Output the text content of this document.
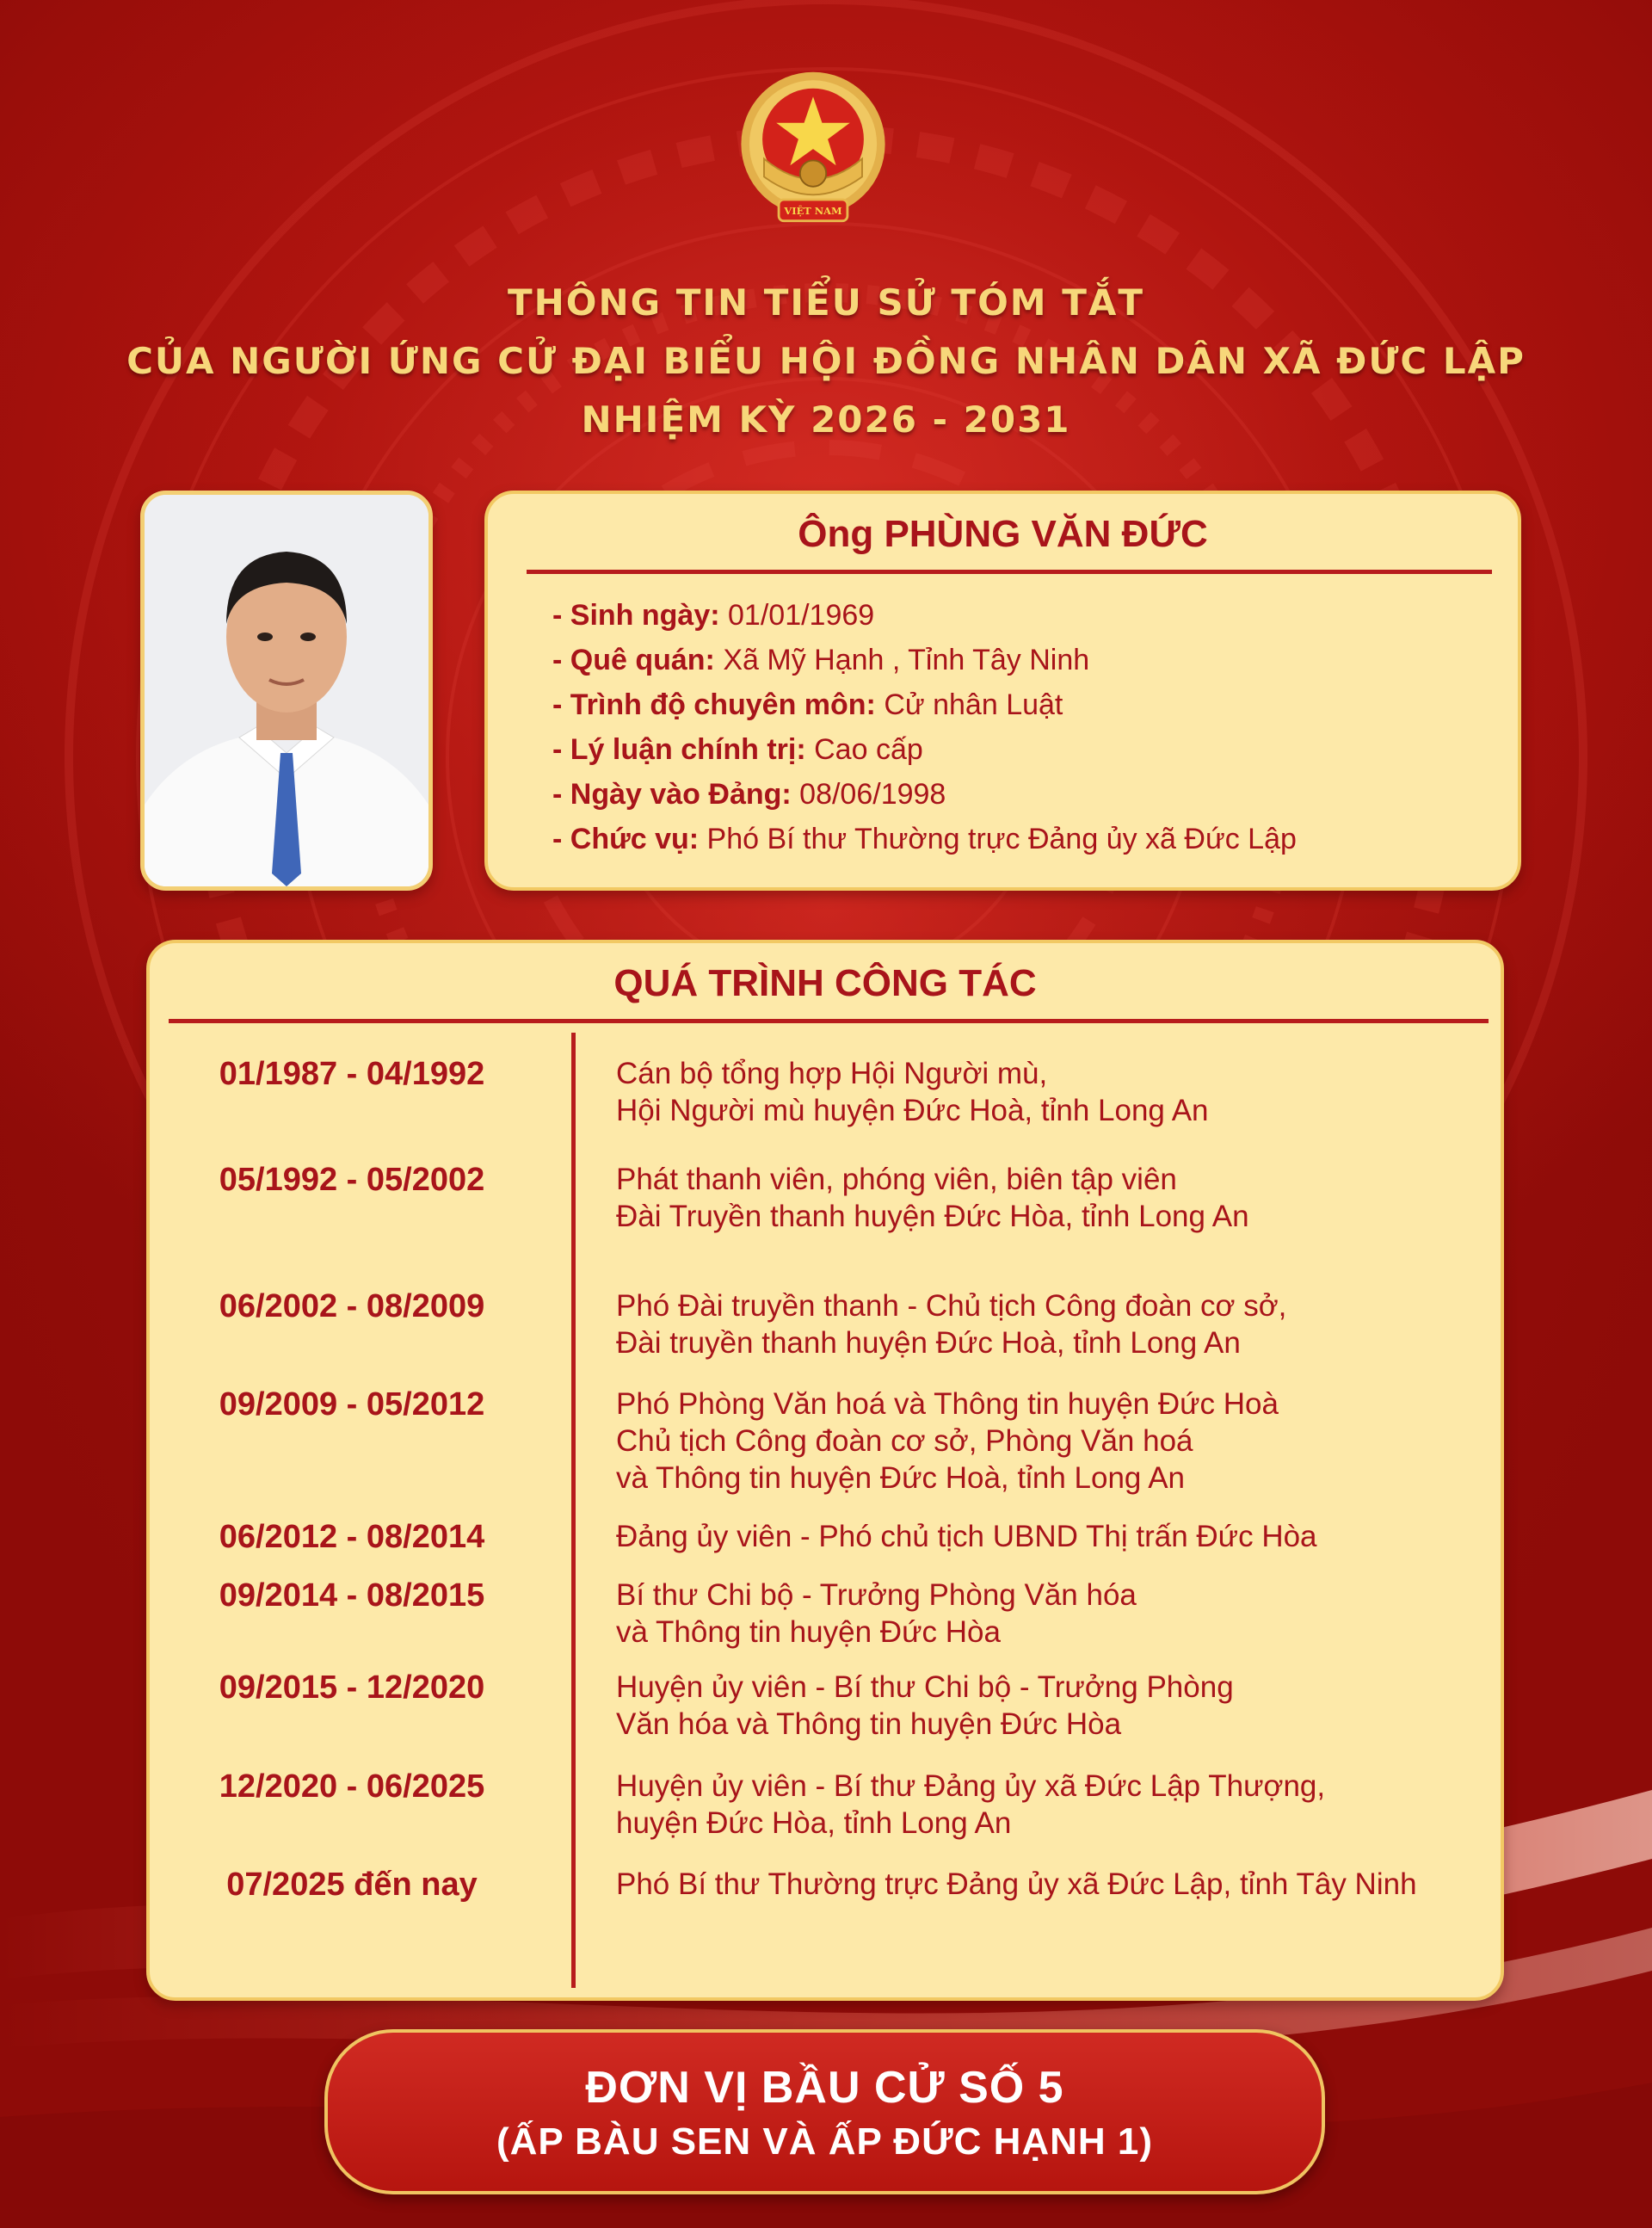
VIỆT NAM
THÔNG TIN TIỂU SỬ TÓM TẮT
CỦA NGƯỜI ỨNG CỬ ĐẠI BIỂU HỘI ĐỒNG NHÂN DÂN XÃ ĐỨC LẬP
NHIỆM KỲ 2026 - 2031
Ông PHÙNG VĂN ĐỨC
- Sinh ngày: 01/01/1969
- Quê quán: Xã Mỹ Hạnh , Tỉnh Tây Ninh
- Trình độ chuyên môn: Cử nhân Luật
- Lý luận chính trị: Cao cấp
- Ngày vào Đảng: 08/06/1998
- Chức vụ: Phó Bí thư Thường trực Đảng ủy xã Đức Lập
QUÁ TRÌNH CÔNG TÁC
01/1987 - 04/1992	Cán bộ tổng hợp Hội Người mù,
Hội Người mù huyện Đức Hoà, tỉnh Long An
05/1992 - 05/2002	Phát thanh viên, phóng viên, biên tập viên
Đài Truyền thanh huyện Đức Hòa, tỉnh Long An
06/2002 - 08/2009	Phó Đài truyền thanh - Chủ tịch Công đoàn cơ sở,
Đài truyền thanh huyện Đức Hoà, tỉnh Long An
09/2009 - 05/2012	Phó Phòng Văn hoá và Thông tin huyện Đức Hoà
Chủ tịch Công đoàn cơ sở, Phòng Văn hoá
và Thông tin huyện Đức Hoà, tỉnh Long An
06/2012 - 08/2014	Đảng ủy viên - Phó chủ tịch UBND Thị trấn Đức Hòa
09/2014 - 08/2015	Bí thư Chi bộ - Trưởng Phòng Văn hóa
và Thông tin huyện Đức Hòa
09/2015 - 12/2020	Huyện ủy viên - Bí thư Chi bộ - Trưởng Phòng
Văn hóa và Thông tin huyện Đức Hòa
12/2020 - 06/2025	Huyện ủy viên - Bí thư Đảng ủy xã Đức Lập Thượng,
huyện Đức Hòa, tỉnh Long An
07/2025 đến nay	Phó Bí thư Thường trực Đảng ủy xã Đức Lập, tỉnh Tây Ninh
ĐƠN VỊ BẦU CỬ SỐ 5
(ẤP BÀU SEN VÀ ẤP ĐỨC HẠNH 1)
